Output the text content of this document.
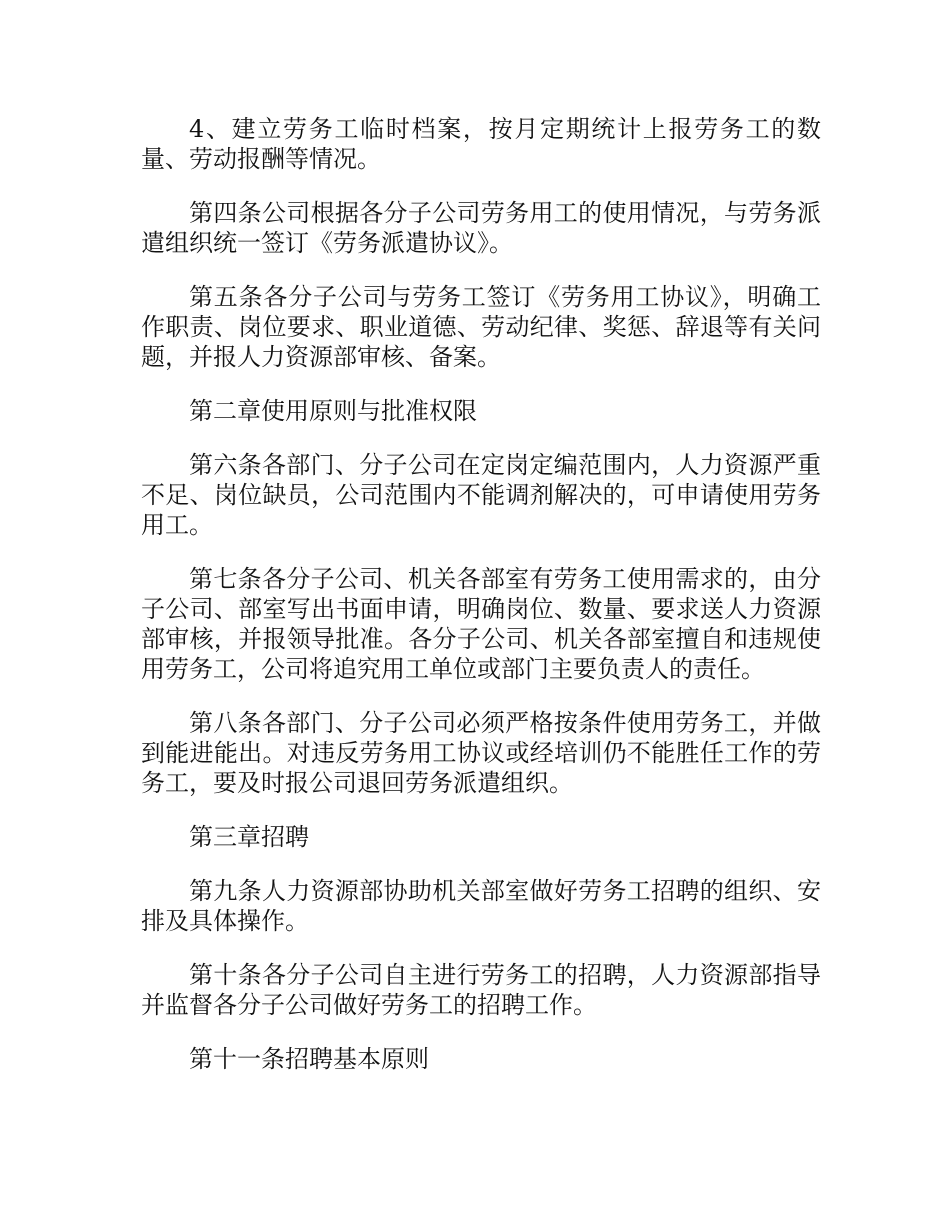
4、建立劳务工临时档案，按月定期统计上报劳务工的数量、劳动报酬等情况。

第四条公司根据各分子公司劳务用工的使用情况，与劳务派遣组织统一签订《劳务派遣协议》。

第五条各分子公司与劳务工签订《劳务用工协议》，明确工作职责、岗位要求、职业道德、劳动纪律、奖惩、辞退等有关问题，并报人力资源部审核、备案。

第二章使用原则与批准权限

第六条各部门、分子公司在定岗定编范围内，人力资源严重不足、岗位缺员，公司范围内不能调剂解决的，可申请使用劳务用工。

第七条各分子公司、机关各部室有劳务工使用需求的，由分子公司、部室写出书面申请，明确岗位、数量、要求送人力资源部审核，并报领导批准。各分子公司、机关各部室擅自和违规使用劳务工，公司将追究用工单位或部门主要负责人的责任。

第八条各部门、分子公司必须严格按条件使用劳务工，并做到能进能出。对违反劳务用工协议或经培训仍不能胜任工作的劳务工，要及时报公司退回劳务派遣组织。

第三章招聘

第九条人力资源部协助机关部室做好劳务工招聘的组织、安排及具体操作。

第十条各分子公司自主进行劳务工的招聘，人力资源部指导并监督各分子公司做好劳务工的招聘工作。

第十一条招聘基本原则
